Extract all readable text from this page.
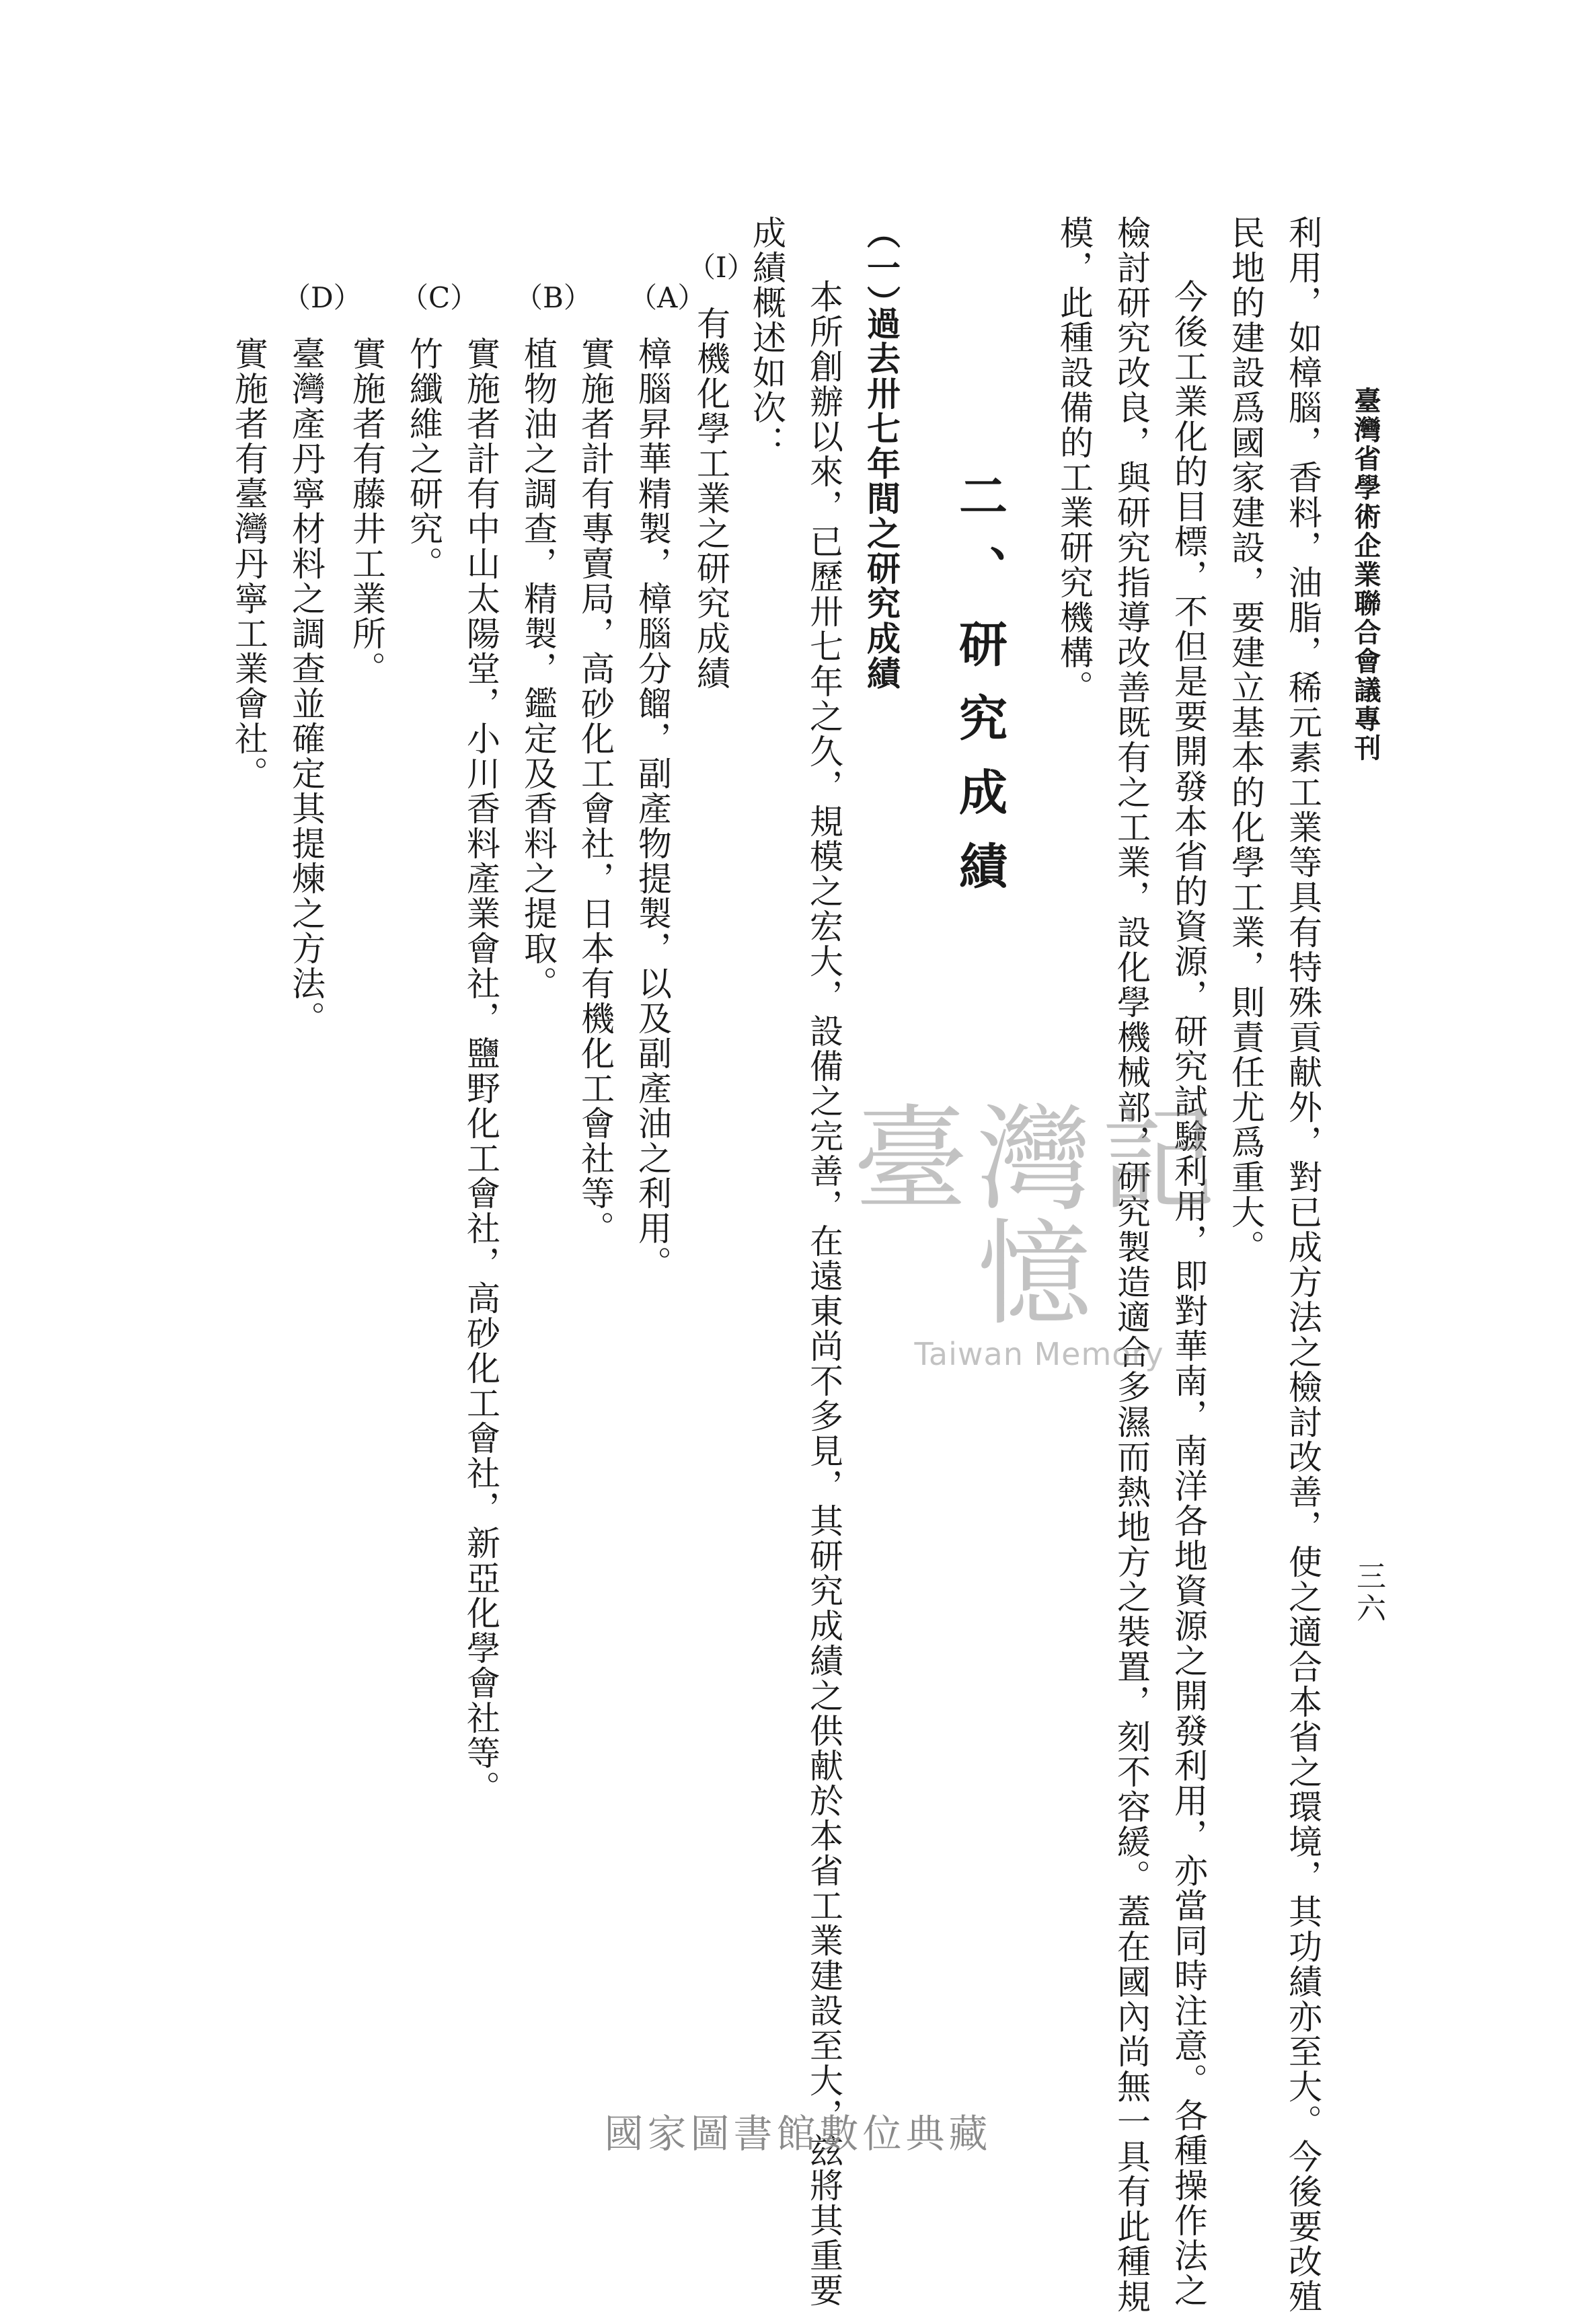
臺灣省學術企業聯合會議專刊
三六
利用，如樟腦，香料，油脂，稀元素工業等具有特殊貢献外，對已成方法之檢討改善，使之適合本省之環境，其功績亦至大。今後要改殖
民地的建設爲國家建設，要建立基本的化學工業，則責任尤爲重大。
今後工業化的目標，不但是要開發本省的資源，研究試驗利用，即對華南，南洋各地資源之開發利用，亦當同時注意。各種操作法之
檢討研究改良，與研究指導改善既有之工業，設化學機械部，研究製造適合多濕而熱地方之裝置，刻不容緩。蓋在國內尚無一具有此種規
模，此種設備的工業研究機構。
二、研究成績
（一）
過去卅七年間之研究成績
本所創辦以來，已歷卅七年之久，規模之宏大，設備之完善，在遠東尚不多見，其研究成績之供献於本省工業建設至大，玆將其重要
成績概述如次：
（I）
有機化學工業之研究成績
（A）
樟腦昇華精製，樟腦分餾，副產物提製，以及副產油之利用。
實施者計有專賣局，高砂化工會社，日本有機化工會社等。
（B）
植物油之調查，精製，鑑定及香料之提取。
實施者計有中山太陽堂，小川香料產業會社，鹽野化工會社，高砂化工會社，新亞化學會社等。
（C）
竹纖維之研究。
實施者有藤井工業所。
（D）
臺灣產丹寧材料之調查並確定其提煉之方法。
實施者有臺灣丹寧工業會社。
臺灣記憶
Taiwan Memory
國家圖書館數位典藏
